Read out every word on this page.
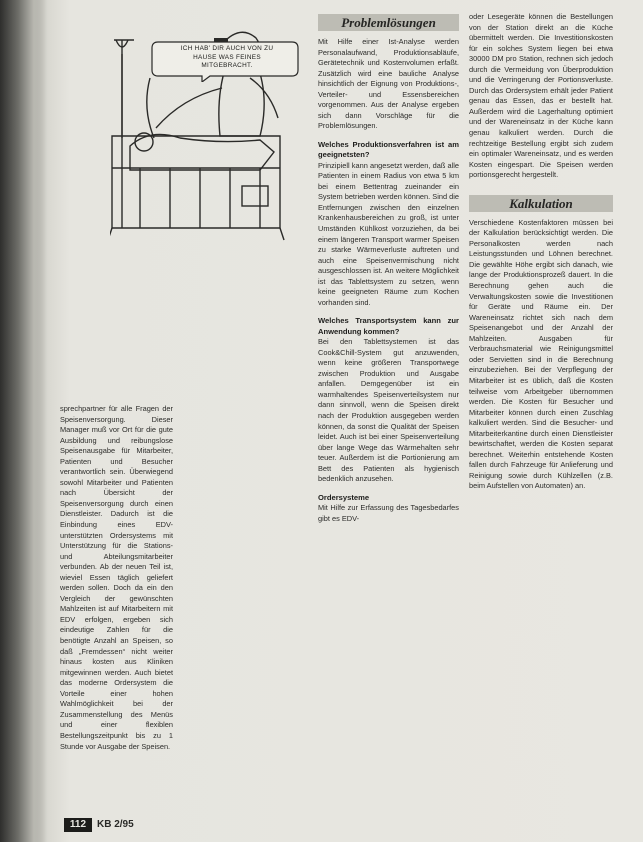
ICH HAB' DIR AUCH VON ZU HAUSE WAS FEINES MITGEBRACHT.

sprechpartner für alle Fragen der Speisenversorgung. Dieser Manager muß vor Ort für die gute Ausbildung und reibungslose Speisenausgabe für Mitarbeiter, Patienten und Besucher verantwortlich sein. Überwiegend sowohl Mitarbeiter und Patienten nach Übersicht der Speisenversorgung durch einen Dienstleister. Dadurch ist die Einbindung eines EDV-unterstützten Ordersystems mit Unterstützung für die Stations- und Abteilungsmitarbeiter verbunden. Ab der neuen Teil ist, wieviel Essen täglich geliefert werden sollen. Doch da ein den Vergleich der gewünschten Mahlzeiten ist auf Mitarbeitern mit EDV erfolgen, ergeben sich eindeutige Zahlen für die benötigte Anzahl an Speisen, so daß „Fremdessen“ nicht weiter hinaus kosten aus Kliniken mitgewinnen werden. Auch bietet das moderne Ordersystem die Vorteile einer hohen Wahlmöglichkeit bei der Zusammenstellung des Menüs und einer flexiblen Bestellungszeitpunkt bis zu 1 Stunde vor Ausgabe der Speisen.

Problemlösungen

Mit Hilfe einer Ist-Analyse werden Personalaufwand, Produktionsabläufe, Gerätetechnik und Kostenvolumen erfaßt. Zusätzlich wird eine bauliche Analyse hinsichtlich der Eignung von Produktions-, Verteiler- und Essensbereichen vorgenommen. Aus der Analyse ergeben sich dann Vorschläge für die Problemlösungen.

Welches Produktionsverfahren ist am geeignetsten?

Prinzipiell kann angesetzt werden, daß alle Patienten in einem Radius von etwa 5 km bei einem Bettentrag zueinander ein System betrieben werden können. Sind die Entfernungen zwischen den einzelnen Krankenhausbereichen zu groß, ist unter Umständen Kühlkost vorzuziehen, da bei einem längeren Transport warmer Speisen zu starke Wärmeverluste auftreten und auch eine Speisenvermischung nicht ausgeschlossen ist. An weitere Möglichkeit ist das Tablettsystem zu setzen, wenn keine geeigneten Räume zum Kochen vorhanden sind.

Welches Transportsystem kann zur Anwendung kommen?

Bei den Tablettsystemen ist das Cook&Chill-System gut anzuwenden, wenn keine größeren Transportwege zwischen Produktion und Ausgabe anfallen. Demgegenüber ist ein warmhaltendes Speisenverteilsystem nur dann sinnvoll, wenn die Speisen direkt nach der Produktion ausgegeben werden können, da sonst die Qualität der Speisen leidet. Auch ist bei einer Speisenverteilung über lange Wege das Wärmehalten sehr teuer. Außerdem ist die Portionierung am Bett des Patienten als hygienisch bedenklich anzusehen.

Ordersysteme

Mit Hilfe zur Erfassung des Tagesbedarfes gibt es EDV-

oder Lesegeräte können die Bestellungen von der Station direkt an die Küche übermittelt werden. Die Investitionskosten für ein solches System liegen bei etwa 30000 DM pro Station, rechnen sich jedoch durch die Vermeidung von Überproduktion und die Verringerung der Portionsverluste. Durch das Ordersystem erhält jeder Patient genau das Essen, das er bestellt hat. Außerdem wird die Lagerhaltung optimiert und der Wareneinsatz in der Küche kann genau kalkuliert werden. Durch die rechtzeitige Bestellung ergibt sich zudem ein optimaler Wareneinsatz, und es werden Kosten eingespart. Die Speisen werden portionsgerecht hergestellt.

Kalkulation

Verschiedene Kostenfaktoren müssen bei der Kalkulation berücksichtigt werden. Die Personalkosten werden nach Leistungsstunden und Löhnen berechnet. Die gewählte Höhe ergibt sich danach, wie lange der Produktionsprozeß dauert. In die Berechnung gehen auch die Verwaltungskosten sowie die Investitionen für Geräte und Räume ein. Der Wareneinsatz richtet sich nach dem Speisenangebot und der Anzahl der Mahlzeiten. Ausgaben für Verbrauchsmaterial wie Reinigungsmittel oder Servietten sind in die Berechnung einzubeziehen. Bei der Verpflegung der Mitarbeiter ist es üblich, daß die Kosten teilweise vom Arbeitgeber übernommen werden. Die Kosten für Besucher und Mitarbeiter können durch einen Zuschlag kalkuliert werden. Sind die Besucher- und Mitarbeiterkantine durch einen Dienstleister bewirtschaftet, werden die Kosten separat berechnet. Weiterhin entstehende Kosten fallen durch Fahrzeuge für Anlieferung und Reinigung sowie durch Kühlzellen (z.B. beim Aufstellen von Automaten) an.

112	KB 2/95
